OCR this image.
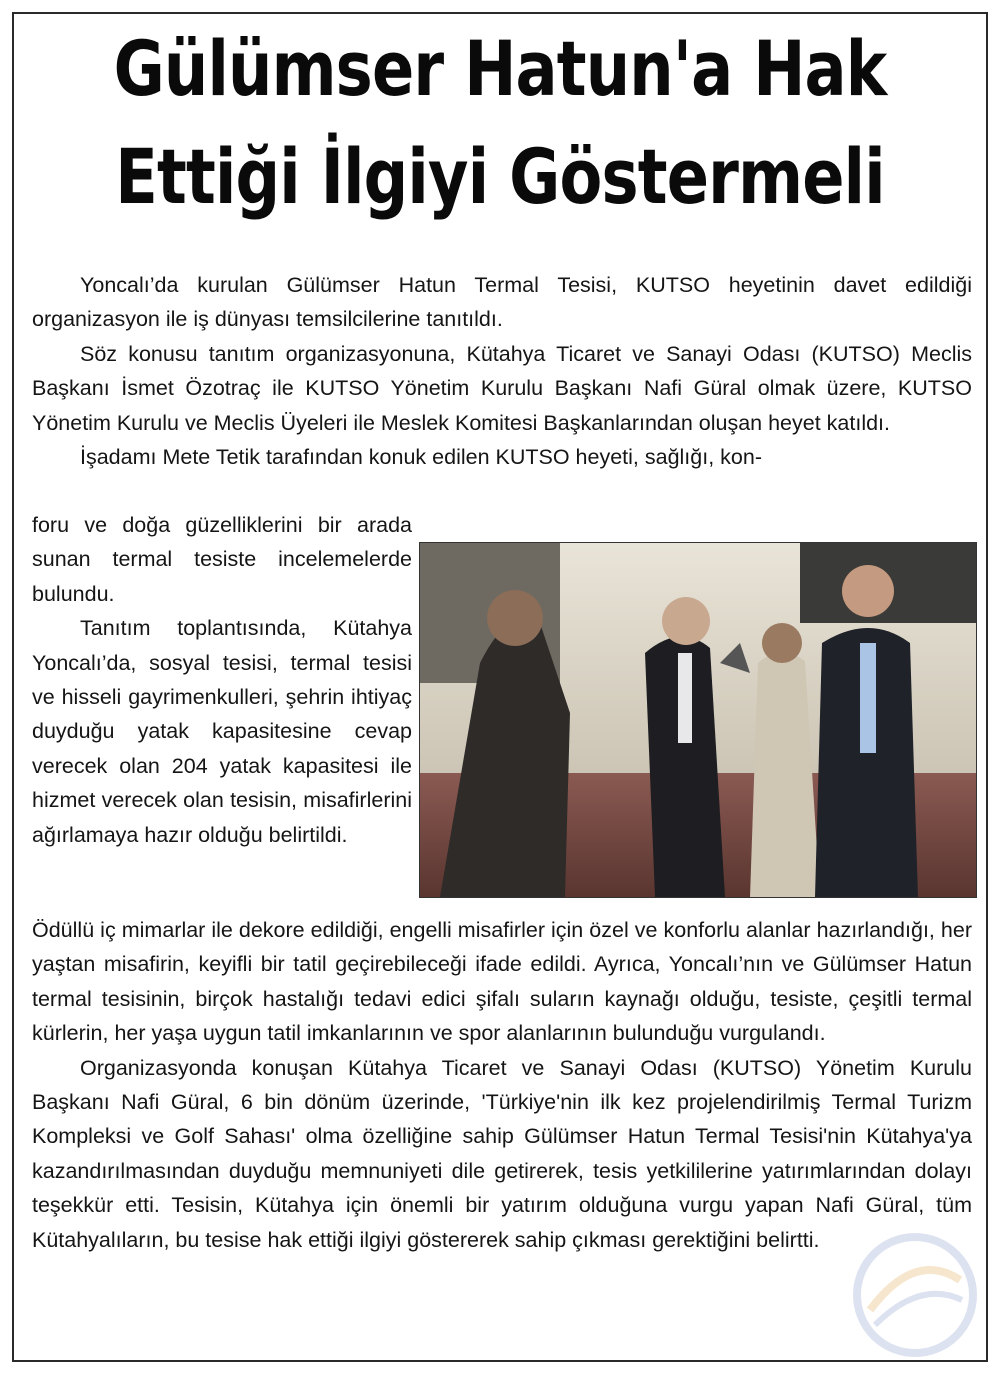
Gülümser Hatun'a Hak
Ettiği İlgiyi Göstermeli

Yoncalı’da kurulan Gülümser Hatun Termal Tesisi, KUTSO heyetinin davet edildiği organizasyon ile iş dünyası temsilcilerine tanıtıldı.

Söz konusu tanıtım organizasyonuna, Kütahya Ticaret ve Sanayi Odası (KUTSO) Meclis Başkanı İsmet Özotraç ile KUTSO Yönetim Kurulu Başkanı Nafi Güral olmak üzere, KUTSO Yönetim Kurulu ve Meclis Üyeleri ile Meslek Komitesi Başkanlarından oluşan heyet katıldı.

İşadamı Mete Tetik tarafından konuk edilen KUTSO heyeti, sağlığı, kon-

foru ve doğa güzelliklerini bir arada sunan termal tesiste incelemelerde bulundu.

Tanıtım toplantısında, Kütahya Yoncalı’da, sosyal tesisi, termal tesisi ve hisseli gayrimenkulleri, şehrin ihtiyaç duyduğu yatak kapasitesine cevap verecek olan 204 yatak kapasitesi ile hizmet verecek olan tesisin, misafirlerini ağırlamaya hazır olduğu belirtildi.

Ödüllü iç mimarlar ile dekore edildiği, engelli misafirler için özel ve konforlu alanlar hazırlandığı, her yaştan misafirin, keyifli bir tatil geçirebileceği ifade edildi. Ayrıca, Yoncalı’nın ve Gülümser Hatun termal tesisinin, birçok hastalığı tedavi edici şifalı suların kaynağı olduğu, tesiste, çeşitli termal kürlerin, her yaşa uygun tatil imkanlarının ve spor alanlarının bulunduğu vurgulandı.

Organizasyonda konuşan Kütahya Ticaret ve Sanayi Odası (KUTSO) Yönetim Kurulu Başkanı Nafi Güral, 6 bin dönüm üzerinde, 'Türkiye'nin ilk kez projelendirilmiş Termal Turizm Kompleksi ve Golf Sahası' olma özelliğine sahip Gülümser Hatun Termal Tesisi'nin Kütahya'ya kazandırılmasından duyduğu memnuniyeti dile getirerek, tesis yetkililerine yatırımlarından dolayı teşekkür etti. Tesisin, Kütahya için önemli bir yatırım olduğuna vurgu yapan Nafi Güral, tüm Kütahyalıların, bu tesise hak ettiği ilgiyi göstererek sahip çıkması gerektiğini belirtti.
